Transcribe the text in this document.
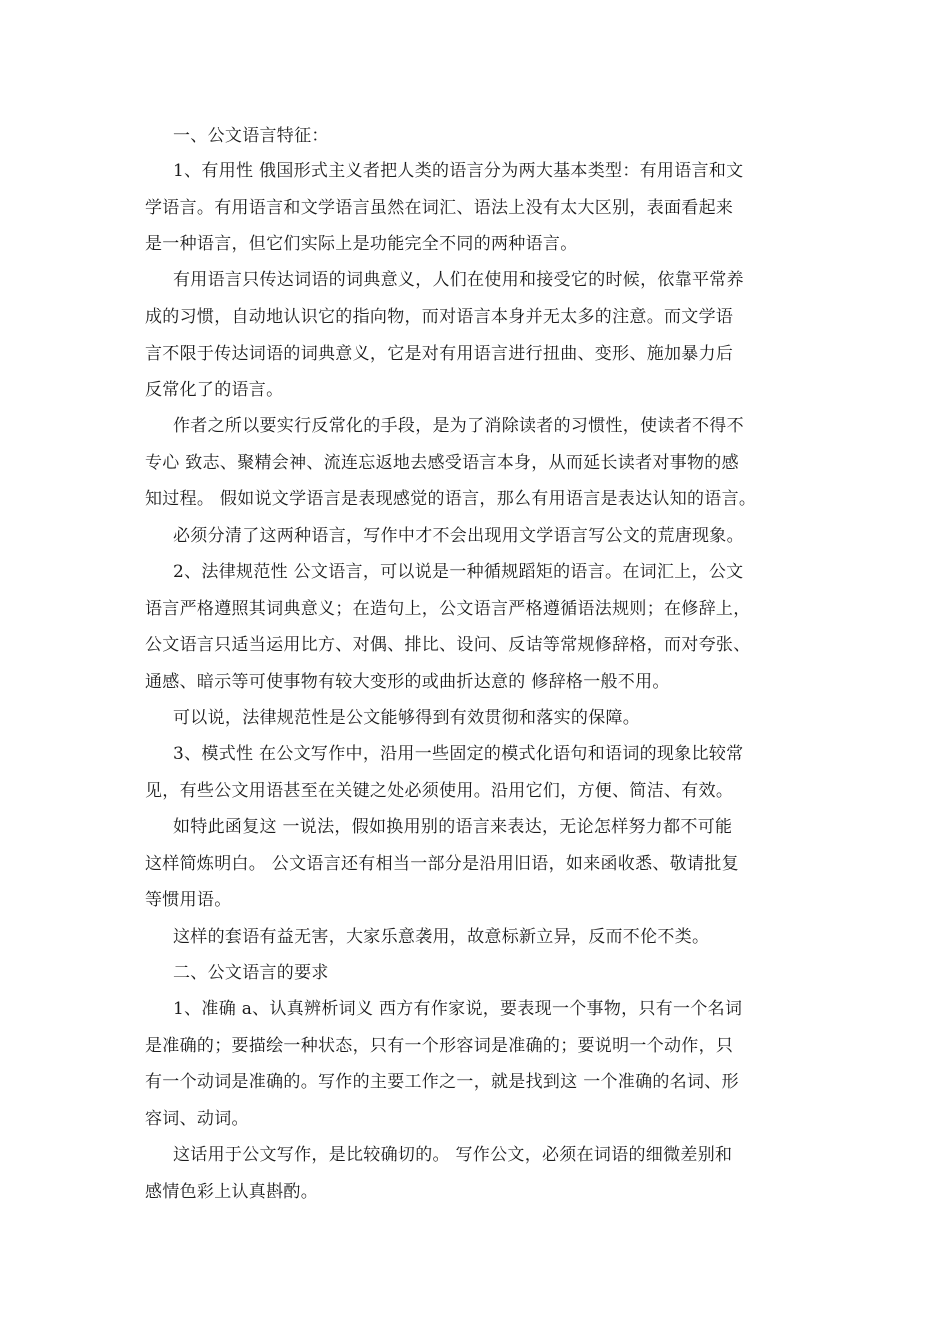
一、公文语言特征：
1、有用性 俄国形式主义者把人类的语言分为两大基本类型：有用语言和文
学语言。有用语言和文学语言虽然在词汇、语法上没有太大区别，表面看起来
是一种语言，但它们实际上是功能完全不同的两种语言。
有用语言只传达词语的词典意义，人们在使用和接受它的时候，依靠平常养
成的习惯，自动地认识它的指向物，而对语言本身并无太多的注意。而文学语
言不限于传达词语的词典意义，它是对有用语言进行扭曲、变形、施加暴力后
反常化了的语言。
作者之所以要实行反常化的手段，是为了消除读者的习惯性，使读者不得不
专心 致志、聚精会神、流连忘返地去感受语言本身，从而延长读者对事物的感
知过程。 假如说文学语言是表现感觉的语言，那么有用语言是表达认知的语言。
必须分清了这两种语言，写作中才不会出现用文学语言写公文的荒唐现象。
2、法律规范性 公文语言，可以说是一种循规蹈矩的语言。在词汇上，公文
语言严格遵照其词典意义；在造句上，公文语言严格遵循语法规则；在修辞上，
公文语言只适当运用比方、对偶、排比、设问、反诘等常规修辞格，而对夸张、
通感、暗示等可使事物有较大变形的或曲折达意的 修辞格一般不用。
可以说，法律规范性是公文能够得到有效贯彻和落实的保障。
3、模式性 在公文写作中，沿用一些固定的模式化语句和语词的现象比较常
见，有些公文用语甚至在关键之处必须使用。沿用它们，方便、简洁、有效。
如特此函复这 一说法，假如换用别的语言来表达，无论怎样努力都不可能
这样简炼明白。 公文语言还有相当一部分是沿用旧语，如来函收悉、敬请批复
等惯用语。
这样的套语有益无害，大家乐意袭用，故意标新立异，反而不伦不类。
二、公文语言的要求
1、准确 a、认真辨析词义 西方有作家说，要表现一个事物，只有一个名词
是准确的；要描绘一种状态，只有一个形容词是准确的；要说明一个动作，只
有一个动词是准确的。写作的主要工作之一，就是找到这 一个准确的名词、形
容词、动词。
这话用于公文写作，是比较确切的。 写作公文，必须在词语的细微差别和
感情色彩上认真斟酌。
